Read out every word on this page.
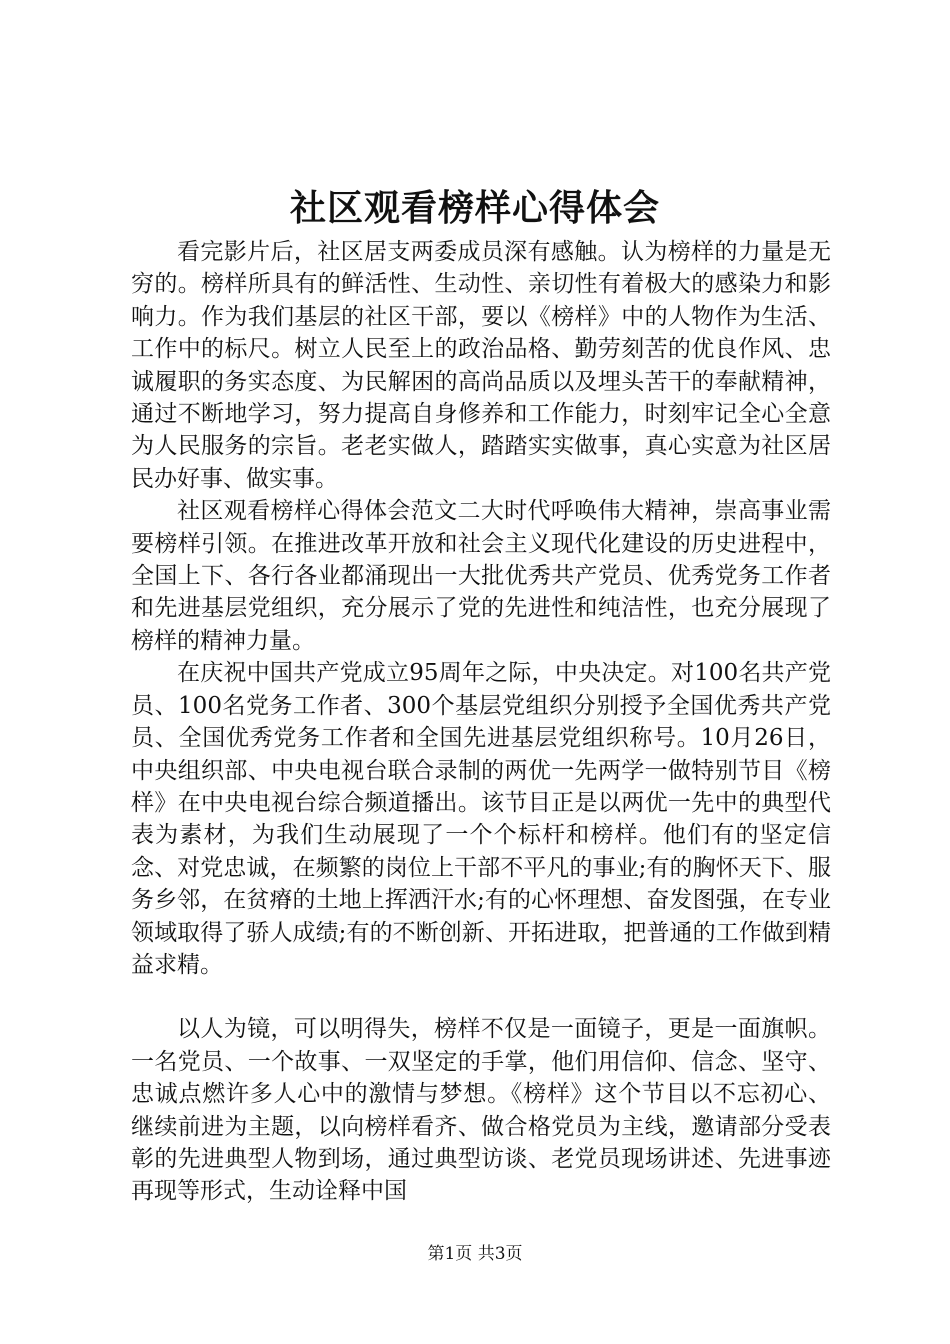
社区观看榜样心得体会

看完影片后，社区居支两委成员深有感触。认为榜样的力量是无穷的。榜样所具有的鲜活性、生动性、亲切性有着极大的感染力和影响力。作为我们基层的社区干部，要以《榜样》中的人物作为生活、工作中的标尺。树立人民至上的政治品格、勤劳刻苦的优良作风、忠诚履职的务实态度、为民解困的高尚品质以及埋头苦干的奉献精神，通过不断地学习，努力提高自身修养和工作能力，时刻牢记全心全意为人民服务的宗旨。老老实做人，踏踏实实做事，真心实意为社区居民办好事、做实事。

社区观看榜样心得体会范文二大时代呼唤伟大精神，崇高事业需要榜样引领。在推进改革开放和社会主义现代化建设的历史进程中，全国上下、各行各业都涌现出一大批优秀共产党员、优秀党务工作者和先进基层党组织，充分展示了党的先进性和纯洁性，也充分展现了榜样的精神力量。

在庆祝中国共产党成立95周年之际，中央决定。对100名共产党员、100名党务工作者、300个基层党组织分别授予全国优秀共产党员、全国优秀党务工作者和全国先进基层党组织称号。10月26日，中央组织部、中央电视台联合录制的两优一先两学一做特别节目《榜样》在中央电视台综合频道播出。该节目正是以两优一先中的典型代表为素材，为我们生动展现了一个个标杆和榜样。他们有的坚定信念、对党忠诚，在频繁的岗位上干部不平凡的事业;有的胸怀天下、服务乡邻，在贫瘠的土地上挥洒汗水;有的心怀理想、奋发图强，在专业领域取得了骄人成绩;有的不断创新、开拓进取，把普通的工作做到精益求精。

以人为镜，可以明得失，榜样不仅是一面镜子，更是一面旗帜。一名党员、一个故事、一双坚定的手掌，他们用信仰、信念、坚守、忠诚点燃许多人心中的激情与梦想。《榜样》这个节目以不忘初心、继续前进为主题，以向榜样看齐、做合格党员为主线，邀请部分受表彰的先进典型人物到场，通过典型访谈、老党员现场讲述、先进事迹再现等形式，生动诠释中国

第1页 共3页
